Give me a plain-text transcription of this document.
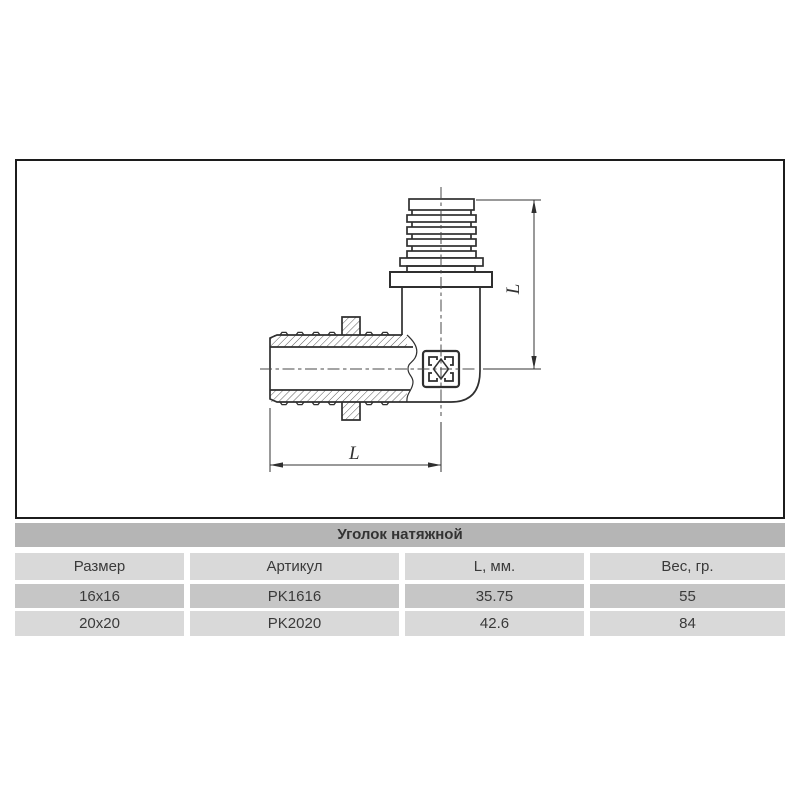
L
L
Уголок натяжной
Размер	Артикул	L, мм.	Вес, гр.
16x16	PK1616	35.75	55
20x20	PK2020	42.6	84
